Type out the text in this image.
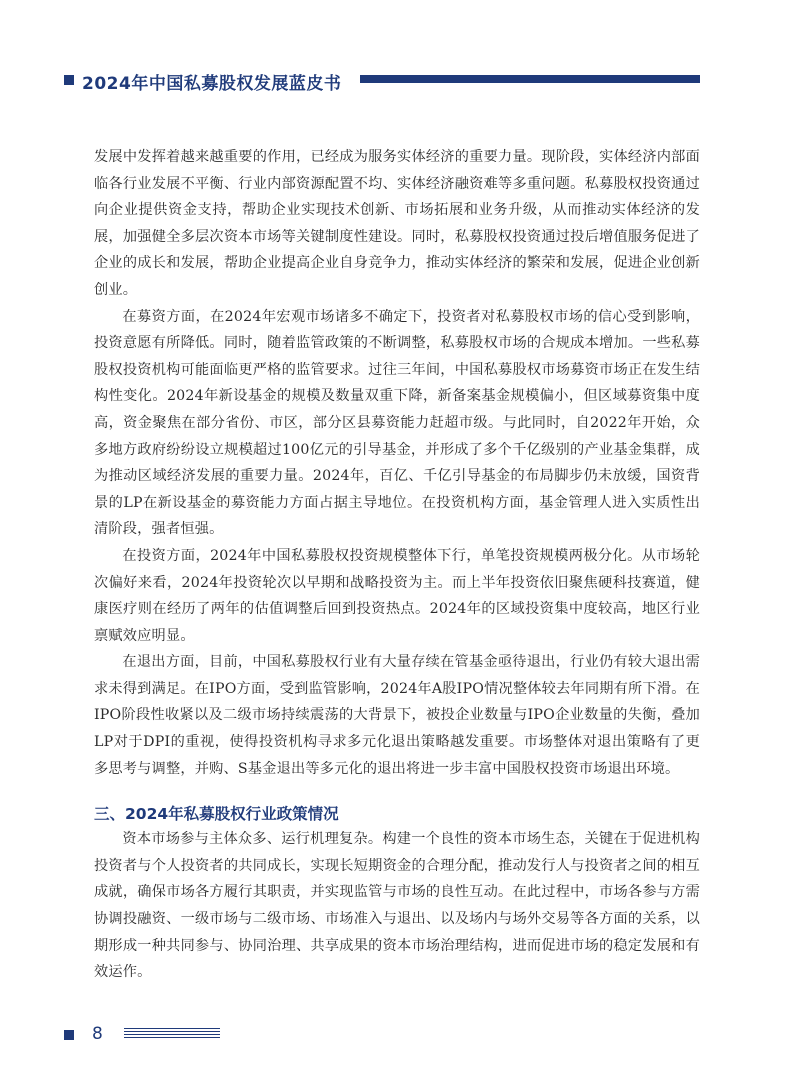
2024年中国私募股权发展蓝皮书

发展中发挥着越来越重要的作用，已经成为服务实体经济的重要力量。现阶段，实体经济内部面临各行业发展不平衡、行业内部资源配置不均、实体经济融资难等多重问题。私募股权投资通过向企业提供资金支持，帮助企业实现技术创新、市场拓展和业务升级，从而推动实体经济的发展，加强健全多层次资本市场等关键制度性建设。同时，私募股权投资通过投后增值服务促进了企业的成长和发展，帮助企业提高企业自身竞争力，推动实体经济的繁荣和发展，促进企业创新创业。

在募资方面，在2024年宏观市场诸多不确定下，投资者对私募股权市场的信心受到影响，投资意愿有所降低。同时，随着监管政策的不断调整，私募股权市场的合规成本增加。一些私募股权投资机构可能面临更严格的监管要求。过往三年间，中国私募股权市场募资市场正在发生结构性变化。2024年新设基金的规模及数量双重下降，新备案基金规模偏小，但区域募资集中度高，资金聚焦在部分省份、市区，部分区县募资能力赶超市级。与此同时，自2022年开始，众多地方政府纷纷设立规模超过100亿元的引导基金，并形成了多个千亿级别的产业基金集群，成为推动区域经济发展的重要力量。2024年，百亿、千亿引导基金的布局脚步仍未放缓，国资背景的LP在新设基金的募资能力方面占据主导地位。在投资机构方面，基金管理人进入实质性出清阶段，强者恒强。

在投资方面，2024年中国私募股权投资规模整体下行，单笔投资规模两极分化。从市场轮次偏好来看，2024年投资轮次以早期和战略投资为主。而上半年投资依旧聚焦硬科技赛道，健康医疗则在经历了两年的估值调整后回到投资热点。2024年的区域投资集中度较高，地区行业禀赋效应明显。

在退出方面，目前，中国私募股权行业有大量存续在管基金亟待退出，行业仍有较大退出需求未得到满足。在IPO方面，受到监管影响，2024年A股IPO情况整体较去年同期有所下滑。在IPO阶段性收紧以及二级市场持续震荡的大背景下，被投企业数量与IPO企业数量的失衡，叠加LP对于DPI的重视，使得投资机构寻求多元化退出策略越发重要。市场整体对退出策略有了更多思考与调整，并购、S基金退出等多元化的退出将进一步丰富中国股权投资市场退出环境。

三、2024年私募股权行业政策情况

资本市场参与主体众多、运行机理复杂。构建一个良性的资本市场生态，关键在于促进机构投资者与个人投资者的共同成长，实现长短期资金的合理分配，推动发行人与投资者之间的相互成就，确保市场各方履行其职责，并实现监管与市场的良性互动。在此过程中，市场各参与方需协调投融资、一级市场与二级市场、市场准入与退出、以及场内与场外交易等各方面的关系，以期形成一种共同参与、协同治理、共享成果的资本市场治理结构，进而促进市场的稳定发展和有效运作。

8
